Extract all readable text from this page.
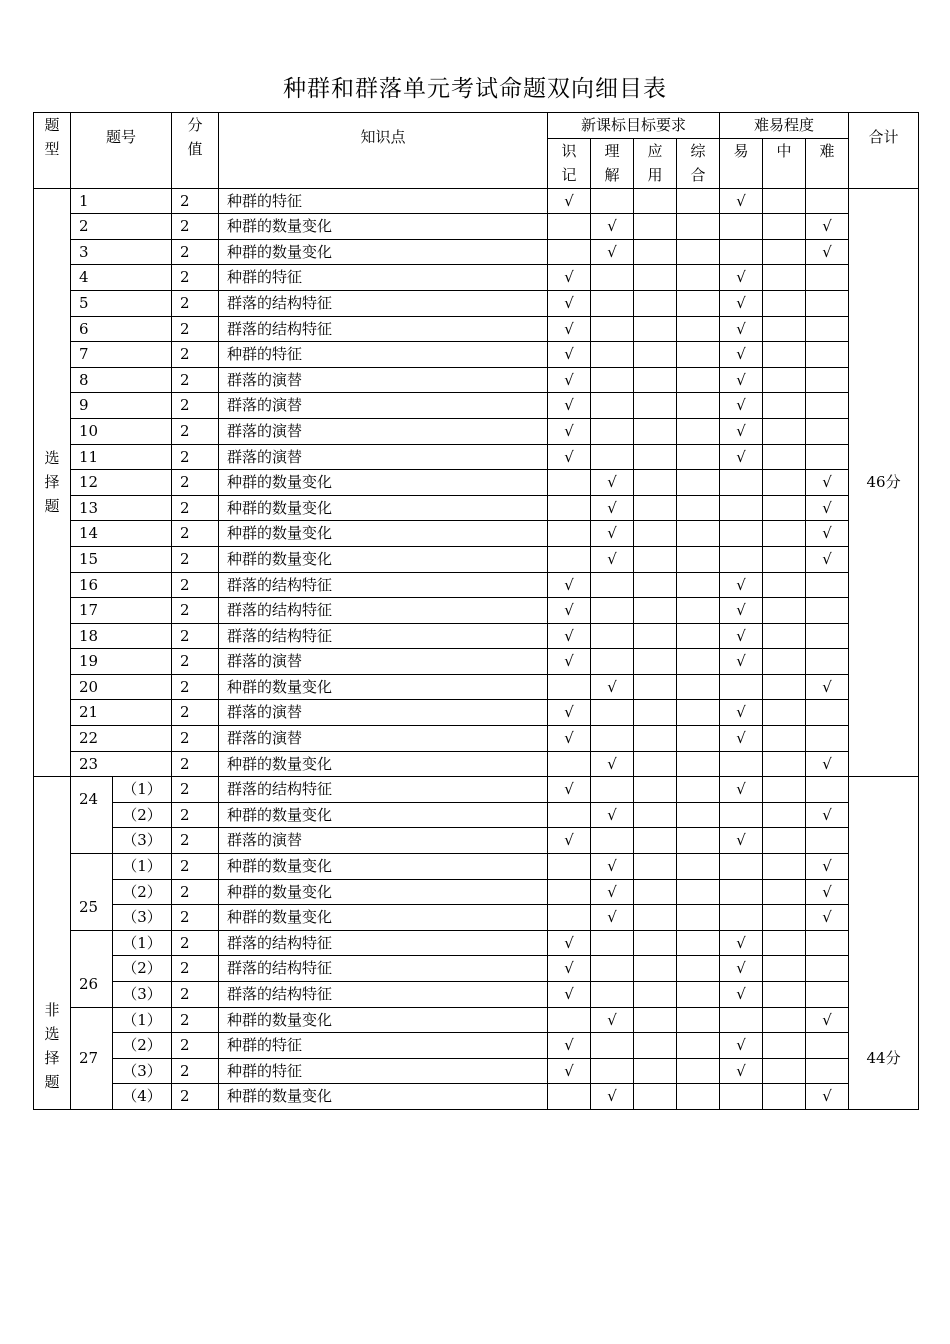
种群和群落单元考试命题双向细目表
题型	题号		分值	知识点	新课标目标要求				难易程度			合计
					识记	理解	应用	综合	易	中	难	
选择题	1		2	种群的特征	√				√			46分
	2		2	种群的数量变化		√					√	
	3		2	种群的数量变化		√					√	
	4		2	种群的特征	√				√			
	5		2	群落的结构特征	√				√			
	6		2	群落的结构特征	√				√			
	7		2	种群的特征	√				√			
	8		2	群落的演替	√				√			
	9		2	群落的演替	√				√			
	10		2	群落的演替	√				√			
	11		2	群落的演替	√				√			
	12		2	种群的数量变化		√					√	
	13		2	种群的数量变化		√					√	
	14		2	种群的数量变化		√					√	
	15		2	种群的数量变化		√					√	
	16		2	群落的结构特征	√				√			
	17		2	群落的结构特征	√				√			
	18		2	群落的结构特征	√				√			
	19		2	群落的演替	√				√			
	20		2	种群的数量变化		√					√	
	21		2	群落的演替	√				√			
	22		2	群落的演替	√				√			
	23		2	种群的数量变化		√					√	
非选择题	24	（1）	2	群落的结构特征	√				√			44分
		（2）	2	种群的数量变化		√					√	
		（3）	2	群落的演替	√				√			
	25	（1）	2	种群的数量变化		√					√	
		（2）	2	种群的数量变化		√					√	
		（3）	2	种群的数量变化		√					√	
	26	（1）	2	群落的结构特征	√				√			
		（2）	2	群落的结构特征	√				√			
		（3）	2	群落的结构特征	√				√			
	27	（1）	2	种群的数量变化		√					√	
		（2）	2	种群的特征	√				√			
		（3）	2	种群的特征	√				√			
		（4）	2	种群的数量变化		√					√	
